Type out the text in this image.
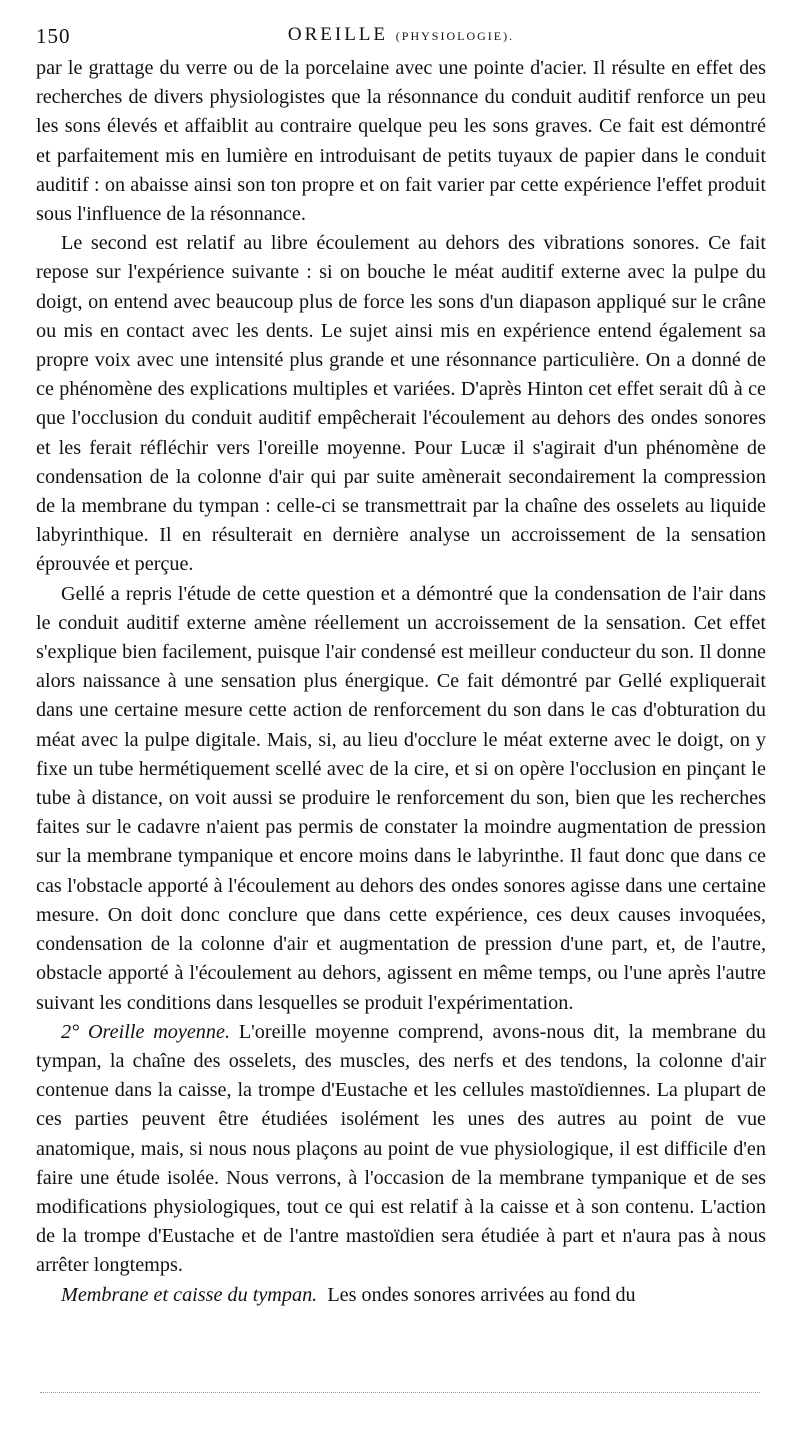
150	OREILLE (PHYSIOLOGIE).

par le grattage du verre ou de la porcelaine avec une pointe d'acier. Il résulte en effet des recherches de divers physiologistes que la résonnance du conduit auditif renforce un peu les sons élevés et affaiblit au contraire quelque peu les sons graves. Ce fait est démontré et parfaitement mis en lumière en introduisant de petits tuyaux de papier dans le conduit auditif : on abaisse ainsi son ton propre et on fait varier par cette expérience l'effet produit sous l'influence de la résonnance.

Le second est relatif au libre écoulement au dehors des vibrations sonores. Ce fait repose sur l'expérience suivante : si on bouche le méat auditif externe avec la pulpe du doigt, on entend avec beaucoup plus de force les sons d'un diapason appliqué sur le crâne ou mis en contact avec les dents. Le sujet ainsi mis en expérience entend également sa propre voix avec une intensité plus grande et une résonnance particulière. On a donné de ce phénomène des explications multiples et variées. D'après Hinton cet effet serait dû à ce que l'occlusion du conduit auditif empêcherait l'écoulement au dehors des ondes sonores et les ferait réfléchir vers l'oreille moyenne. Pour Lucæ il s'agirait d'un phénomène de condensation de la colonne d'air qui par suite amènerait secondairement la compression de la membrane du tympan : celle-ci se transmettrait par la chaîne des osselets au liquide labyrinthique. Il en résulterait en dernière analyse un accroissement de la sensation éprouvée et perçue.

Gellé a repris l'étude de cette question et a démontré que la condensation de l'air dans le conduit auditif externe amène réellement un accroissement de la sensation. Cet effet s'explique bien facilement, puisque l'air condensé est meilleur conducteur du son. Il donne alors naissance à une sensation plus énergique. Ce fait démontré par Gellé expliquerait dans une certaine mesure cette action de renforcement du son dans le cas d'obturation du méat avec la pulpe digitale. Mais, si, au lieu d'occlure le méat externe avec le doigt, on y fixe un tube hermétiquement scellé avec de la cire, et si on opère l'occlusion en pinçant le tube à distance, on voit aussi se produire le renforcement du son, bien que les recherches faites sur le cadavre n'aient pas permis de constater la moindre augmentation de pression sur la membrane tympanique et encore moins dans le labyrinthe. Il faut donc que dans ce cas l'obstacle apporté à l'écoulement au dehors des ondes sonores agisse dans une certaine mesure. On doit donc conclure que dans cette expérience, ces deux causes invoquées, condensation de la colonne d'air et augmentation de pression d'une part, et, de l'autre, obstacle apporté à l'écoulement au dehors, agissent en même temps, ou l'une après l'autre suivant les conditions dans lesquelles se produit l'expérimentation.

2° Oreille moyenne. L'oreille moyenne comprend, avons-nous dit, la membrane du tympan, la chaîne des osselets, des muscles, des nerfs et des tendons, la colonne d'air contenue dans la caisse, la trompe d'Eustache et les cellules mastoïdiennes. La plupart de ces parties peuvent être étudiées isolément les unes des autres au point de vue anatomique, mais, si nous nous plaçons au point de vue physiologique, il est difficile d'en faire une étude isolée. Nous verrons, à l'occasion de la membrane tympanique et de ses modifications physiologiques, tout ce qui est relatif à la caisse et à son contenu. L'action de la trompe d'Eustache et de l'antre mastoïdien sera étudiée à part et n'aura pas à nous arrêter longtemps.

Membrane et caisse du tympan. Les ondes sonores arrivées au fond du
